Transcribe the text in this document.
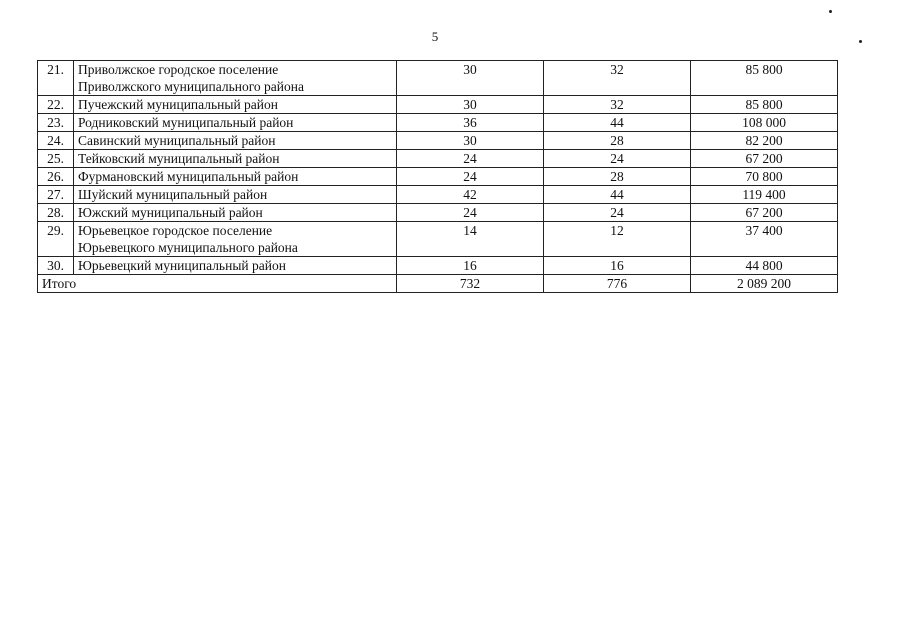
5
21.	Приволжское городское поселение
Приволжского муниципального района	30	32	85 800
22.	Пучежский муниципальный район	30	32	85 800
23.	Родниковский муниципальный район	36	44	108 000
24.	Савинский муниципальный район	30	28	82 200
25.	Тейковский муниципальный район	24	24	67 200
26.	Фурмановский муниципальный район	24	28	70 800
27.	Шуйский муниципальный район	42	44	119 400
28.	Южский муниципальный район	24	24	67 200
29.	Юрьевецкое городское поселение
Юрьевецкого муниципального района	14	12	37 400
30.	Юрьевецкий муниципальный район	16	16	44 800
Итого		732	776	2 089 200
